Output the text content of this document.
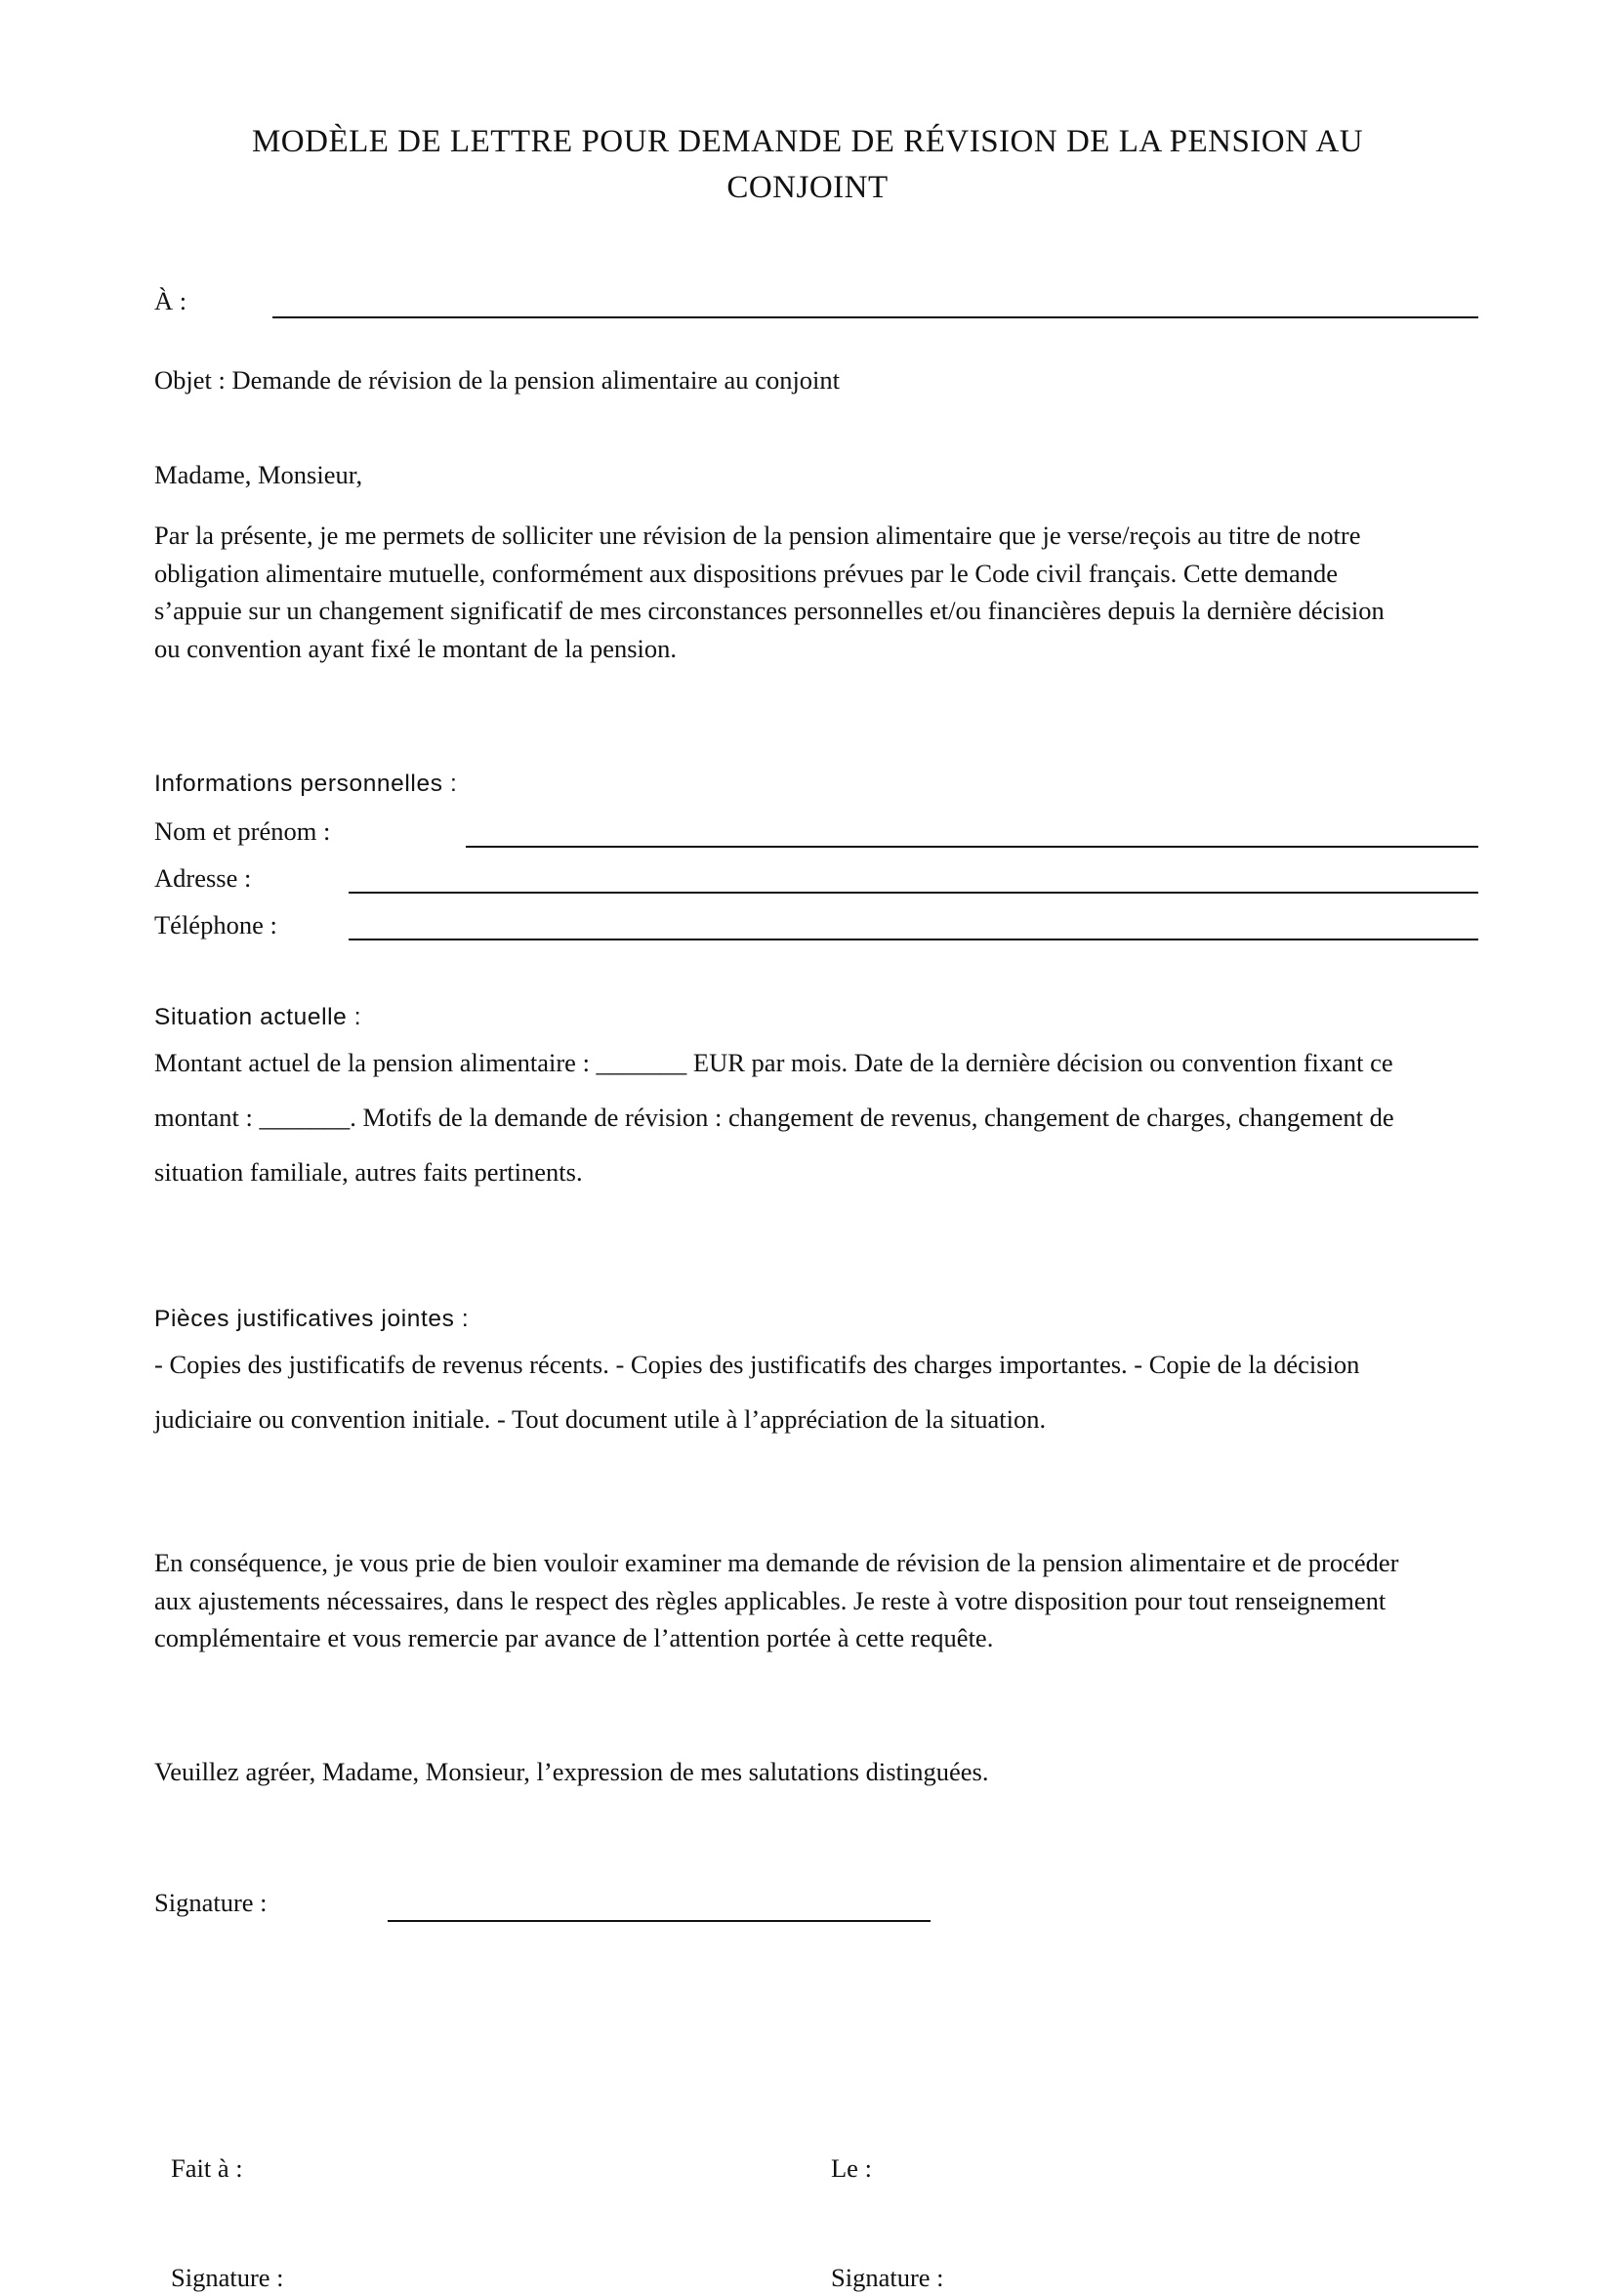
MODÈLE DE LETTRE POUR DEMANDE DE RÉVISION DE LA PENSION AU
CONJOINT
À :
Objet : Demande de révision de la pension alimentaire au conjoint
Madame, Monsieur,
Par la présente, je me permets de solliciter une révision de la pension alimentaire que je verse/reçois au titre de notre
obligation alimentaire mutuelle, conformément aux dispositions prévues par le Code civil français. Cette demande
s’appuie sur un changement significatif de mes circonstances personnelles et/ou financières depuis la dernière décision
ou convention ayant fixé le montant de la pension.
Informations personnelles :
Nom et prénom :
Adresse :
Téléphone :
Situation actuelle :
Montant actuel de la pension alimentaire : _______ EUR par mois. Date de la dernière décision ou convention fixant ce
montant : _______. Motifs de la demande de révision : changement de revenus, changement de charges, changement de
situation familiale, autres faits pertinents.
Pièces justificatives jointes :
- Copies des justificatifs de revenus récents. - Copies des justificatifs des charges importantes. - Copie de la décision
judiciaire ou convention initiale. - Tout document utile à l’appréciation de la situation.
En conséquence, je vous prie de bien vouloir examiner ma demande de révision de la pension alimentaire et de procéder
aux ajustements nécessaires, dans le respect des règles applicables. Je reste à votre disposition pour tout renseignement
complémentaire et vous remercie par avance de l’attention portée à cette requête.
Veuillez agréer, Madame, Monsieur, l’expression de mes salutations distinguées.
Signature :
Fait à :	Le :
Signature :	Signature :
